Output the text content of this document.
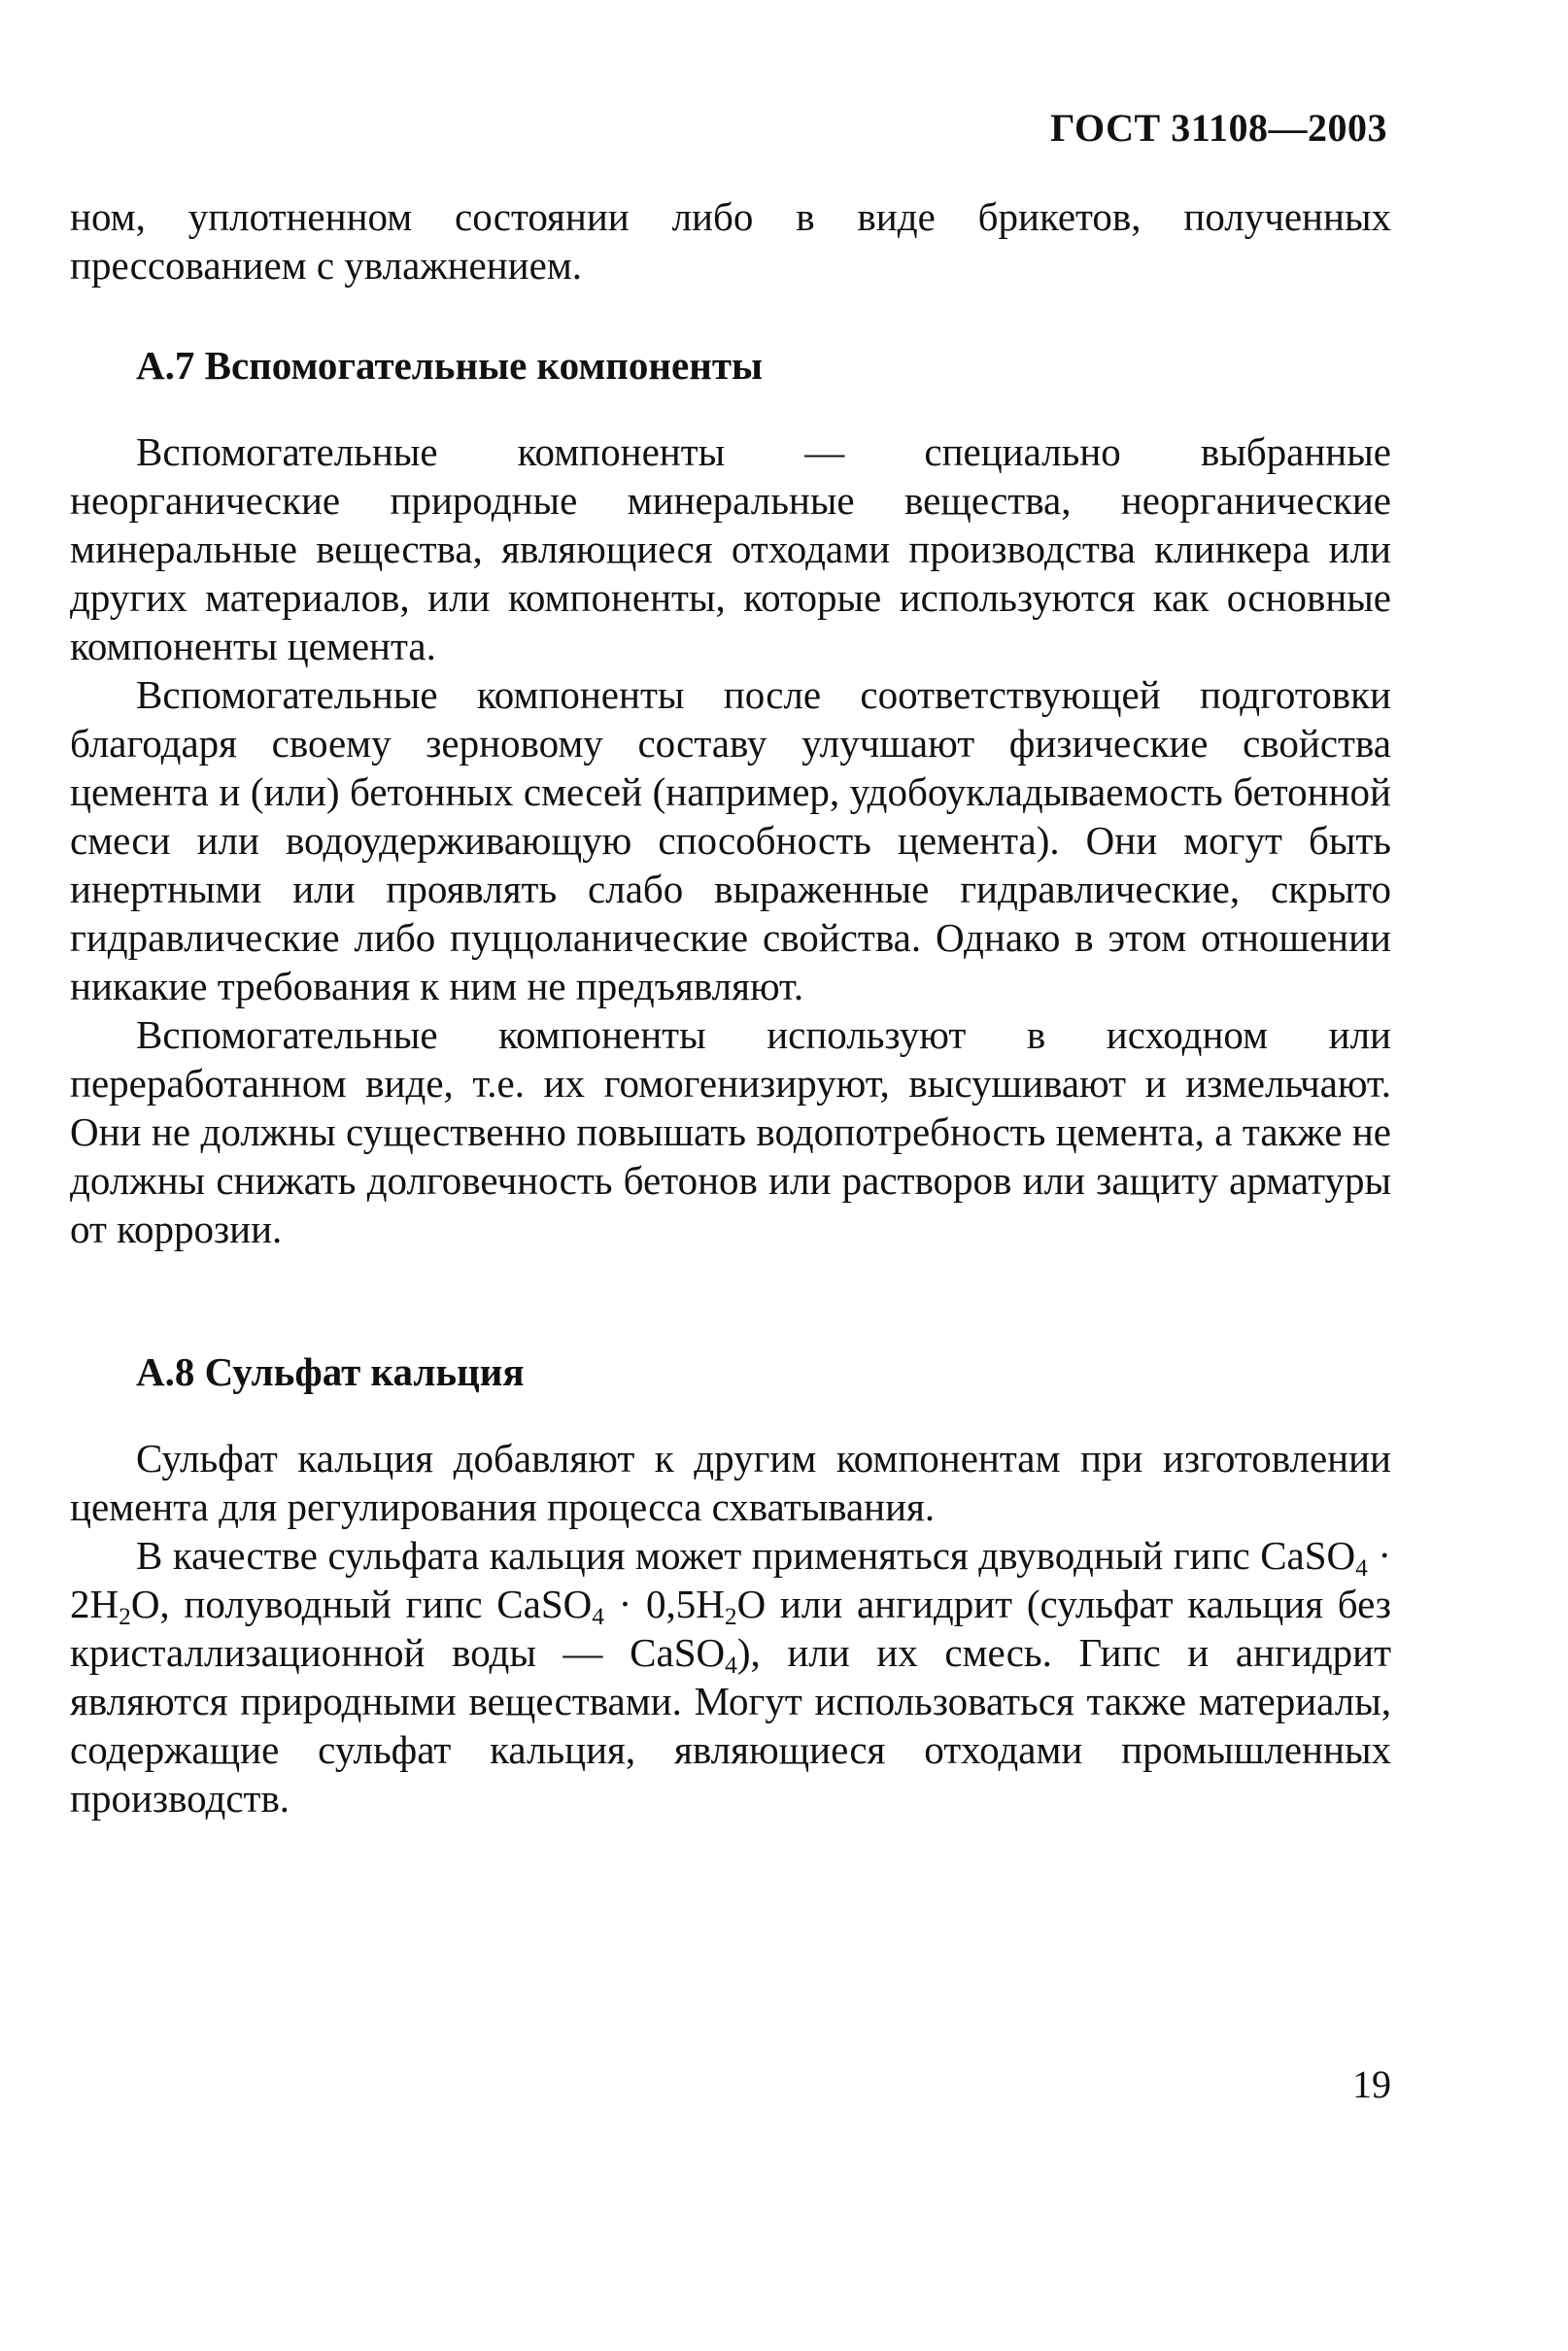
ГОСТ 31108—2003

ном, уплотненном состоянии либо в виде брикетов, полученных прессованием с увлажнением.

А.7 Вспомогательные компоненты

Вспомогательные компоненты — специально выбранные неорганические природные минеральные вещества, неорганические минеральные вещества, являющиеся отходами производства клинкера или других материалов, или компоненты, которые используются как основные компоненты цемента.

Вспомогательные компоненты после соответствующей подготовки благодаря своему зерновому составу улучшают физические свойства цемента и (или) бетонных смесей (например, удобоукладываемость бетонной смеси или водоудерживающую способность цемента). Они могут быть инертными или проявлять слабо выраженные гидравлические, скрыто гидравлические либо пуццоланические свойства. Однако в этом отношении никакие требования к ним не предъявляют.

Вспомогательные компоненты используют в исходном или переработанном виде, т.е. их гомогенизируют, высушивают и измельчают. Они не должны существенно повышать водопотребность цемента, а также не должны снижать долговечность бетонов или растворов или защиту арматуры от коррозии.

А.8 Сульфат кальция

Сульфат кальция добавляют к другим компонентам при изготовлении цемента для регулирования процесса схватывания.

В качестве сульфата кальция может применяться двуводный гипс CaSO$_4$ · $2H_2O$, полуводный гипс CaSO$_4$ · $0,5H_2O$ или ангидрит (сульфат кальция без кристаллизационной воды — CaSO$_4$), или их смесь. Гипс и ангидрит являются природными веществами. Могут использоваться также материалы, содержащие сульфат кальция, являющиеся отходами промышленных производств.

19
